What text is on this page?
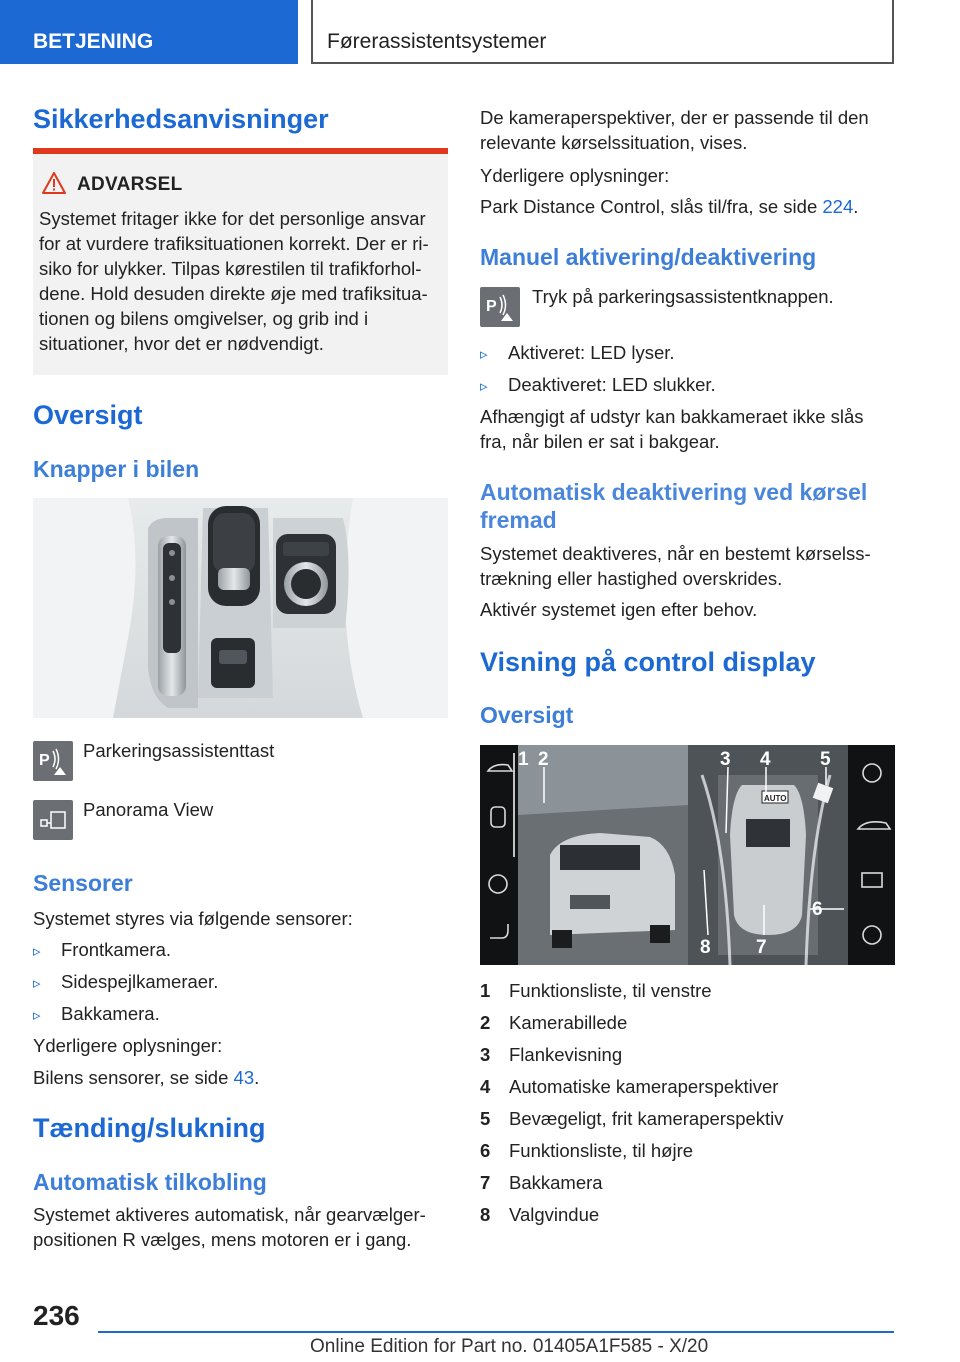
BETJENING	Førerassistentsystemer
Sikkerhedsanvisninger
ADVARSEL
Systemet fritager ikke for det personlige ansvar
for at vurdere trafiksituationen korrekt. Der er ri-
siko for ulykker. Tilpas kørestilen til trafikforhol-
dene. Hold desuden direkte øje med trafiksitua-
tionen og bilens omgivelser, og grib ind i
situationer, hvor det er nødvendigt.
Oversigt
Knapper i bilen
P Parkeringsassistenttast
Panorama View
Sensorer
Systemet styres via følgende sensorer:
▹ Frontkamera.
▹ Sidespejlkameraer.
▹ Bakkamera.
Yderligere oplysninger:
Bilens sensorer, se side 43.
Tænding/slukning
Automatisk tilkobling
Systemet aktiveres automatisk, når gearvælger-
positionen R vælges, mens motoren er i gang.
De kameraperspektiver, der er passende til den
relevante kørselssituation, vises.
Yderligere oplysninger:
Park Distance Control, slås til/fra, se side 224.
Manuel aktivering/deaktivering
P Tryk på parkeringsassistentknappen.
▹ Aktiveret: LED lyser.
▹ Deaktiveret: LED slukker.
Afhængigt af udstyr kan bakkameraet ikke slås
fra, når bilen er sat i bakgear.
Automatisk deaktivering ved kørsel
fremad
Systemet deaktiveres, når en bestemt kørselss-
trækning eller hastighed overskrides.
Aktivér systemet igen efter behov.
Visning på control display
Oversigt
AUTO
1 2	3 4	5
6
7
8
1 Funktionsliste, til venstre
2 Kamerabillede
3 Flankevisning
4 Automatiske kameraperspektiver
5 Bevægeligt, frit kameraperspektiv
6 Funktionsliste, til højre
7 Bakkamera
8 Valgvindue
236
Online Edition for Part no. 01405A1F585 - X/20
